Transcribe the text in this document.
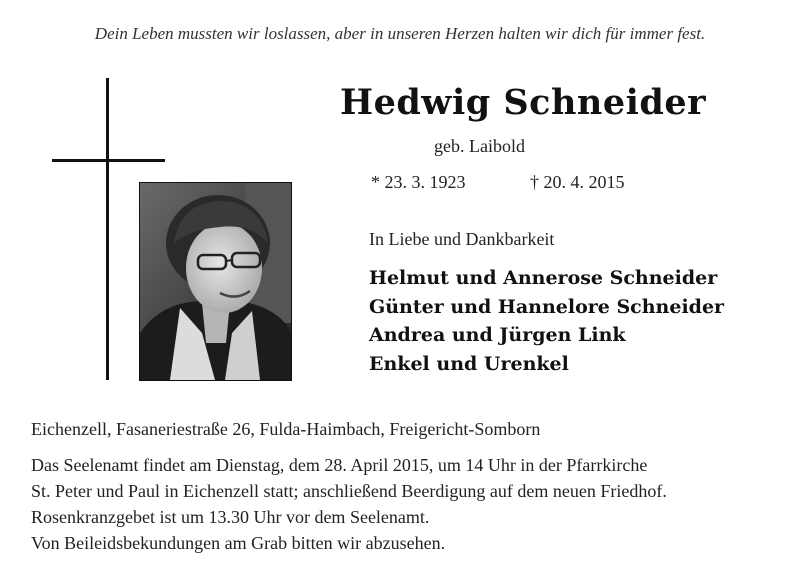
Dein Leben mussten wir loslassen, aber in unseren Herzen halten wir dich für immer fest.
Hedwig Schneider
geb. Laibold
* 23. 3. 1923	† 20. 4. 2015
In Liebe und Dankbarkeit
Helmut und Annerose Schneider
Günter und Hannelore Schneider
Andrea und Jürgen Link
Enkel und Urenkel
Eichenzell, Fasaneriestraße 26, Fulda-Haimbach, Freigericht-Somborn
Das Seelenamt findet am Dienstag, dem 28. April 2015, um 14 Uhr in der Pfarrkirche
St. Peter und Paul in Eichenzell statt; anschließend Beerdigung auf dem neuen Friedhof.
Rosenkranzgebet ist um 13.30 Uhr vor dem Seelenamt.
Von Beileidsbekundungen am Grab bitten wir abzusehen.
